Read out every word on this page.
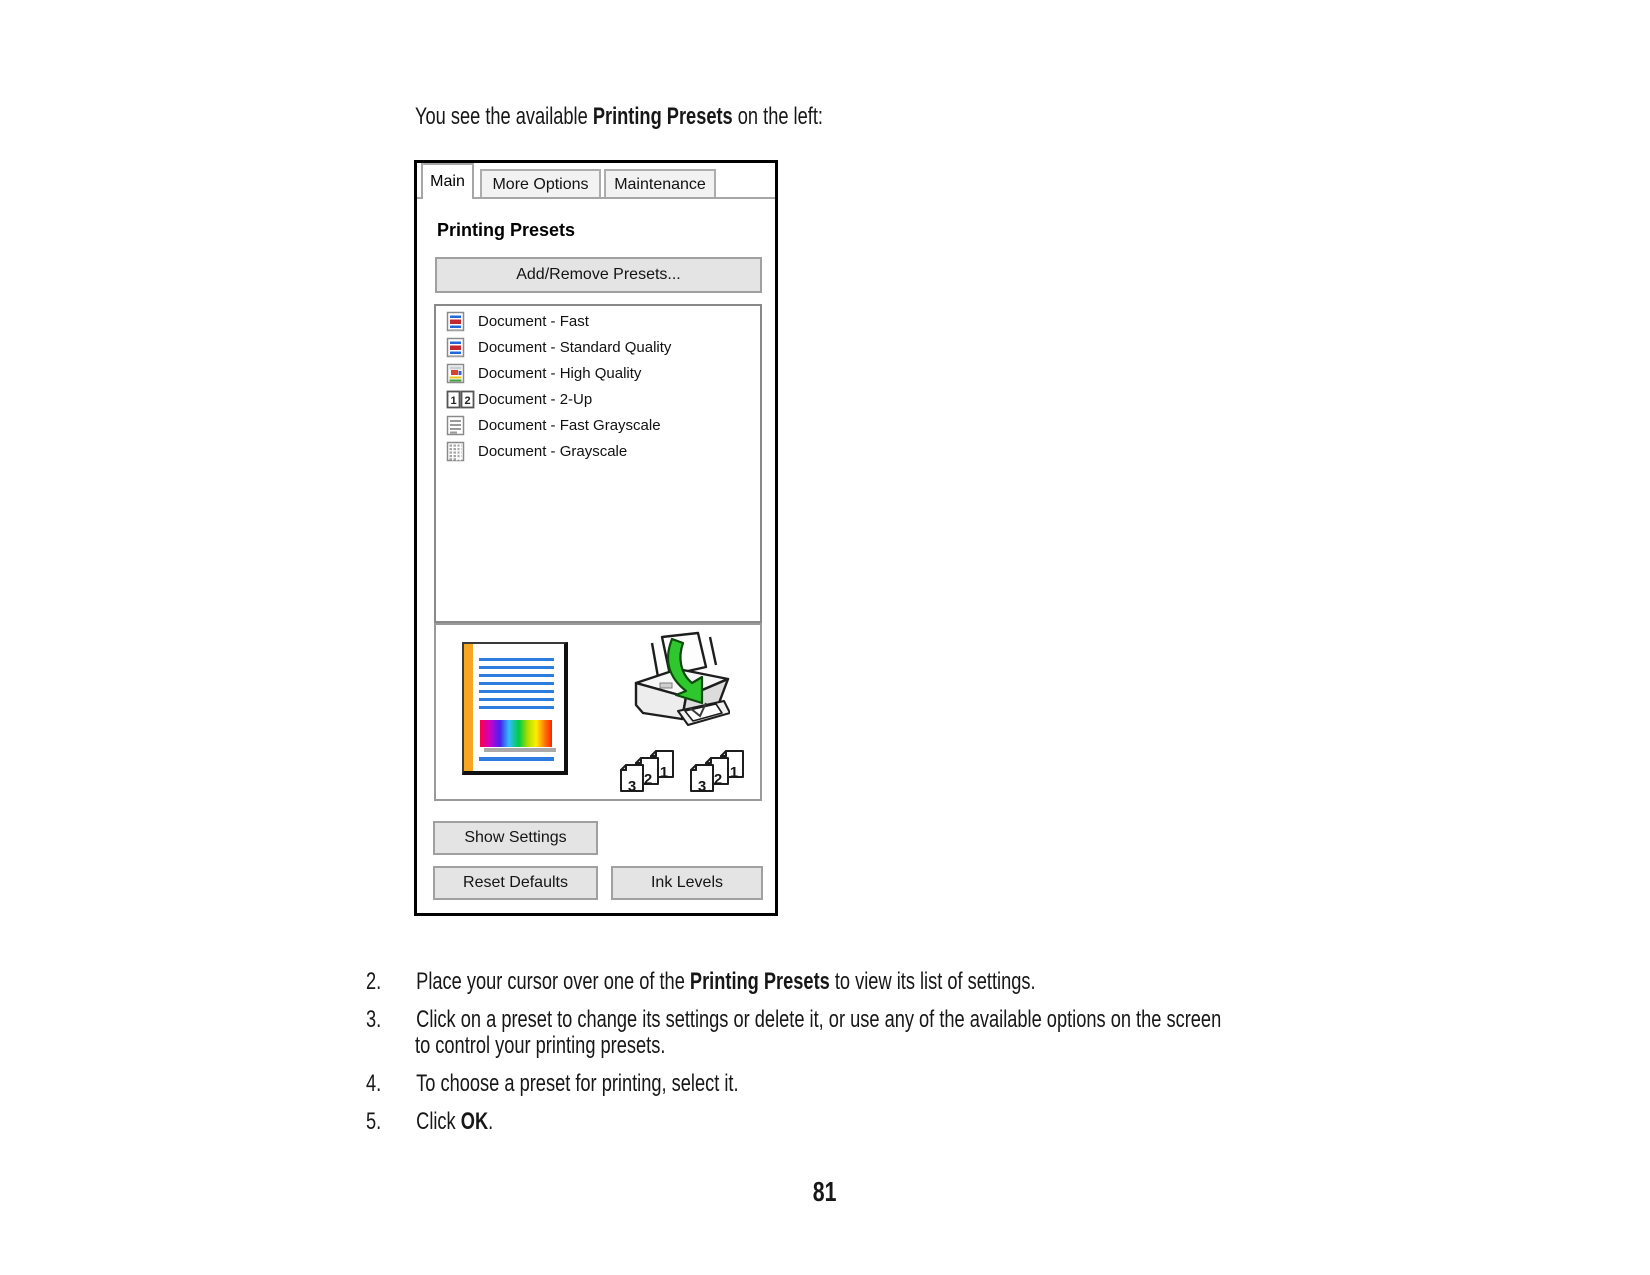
You see the available Printing Presets on the left:
Main More Options Maintenance
Printing Presets
Add/Remove Presets...
Document - Fast
Document - Standard Quality
Document - High Quality
1 2 Document - 2-Up
Document - Fast Grayscale
Document - Grayscale
3 2 1
3 2 1
Show Settings
Reset Defaults	Ink Levels
2. Place your cursor over one of the Printing Presets to view its list of settings.
3. Click on a preset to change its settings or delete it, or use any of the available options on the screen
to control your printing presets.
4. To choose a preset for printing, select it.
5. Click OK.
81
